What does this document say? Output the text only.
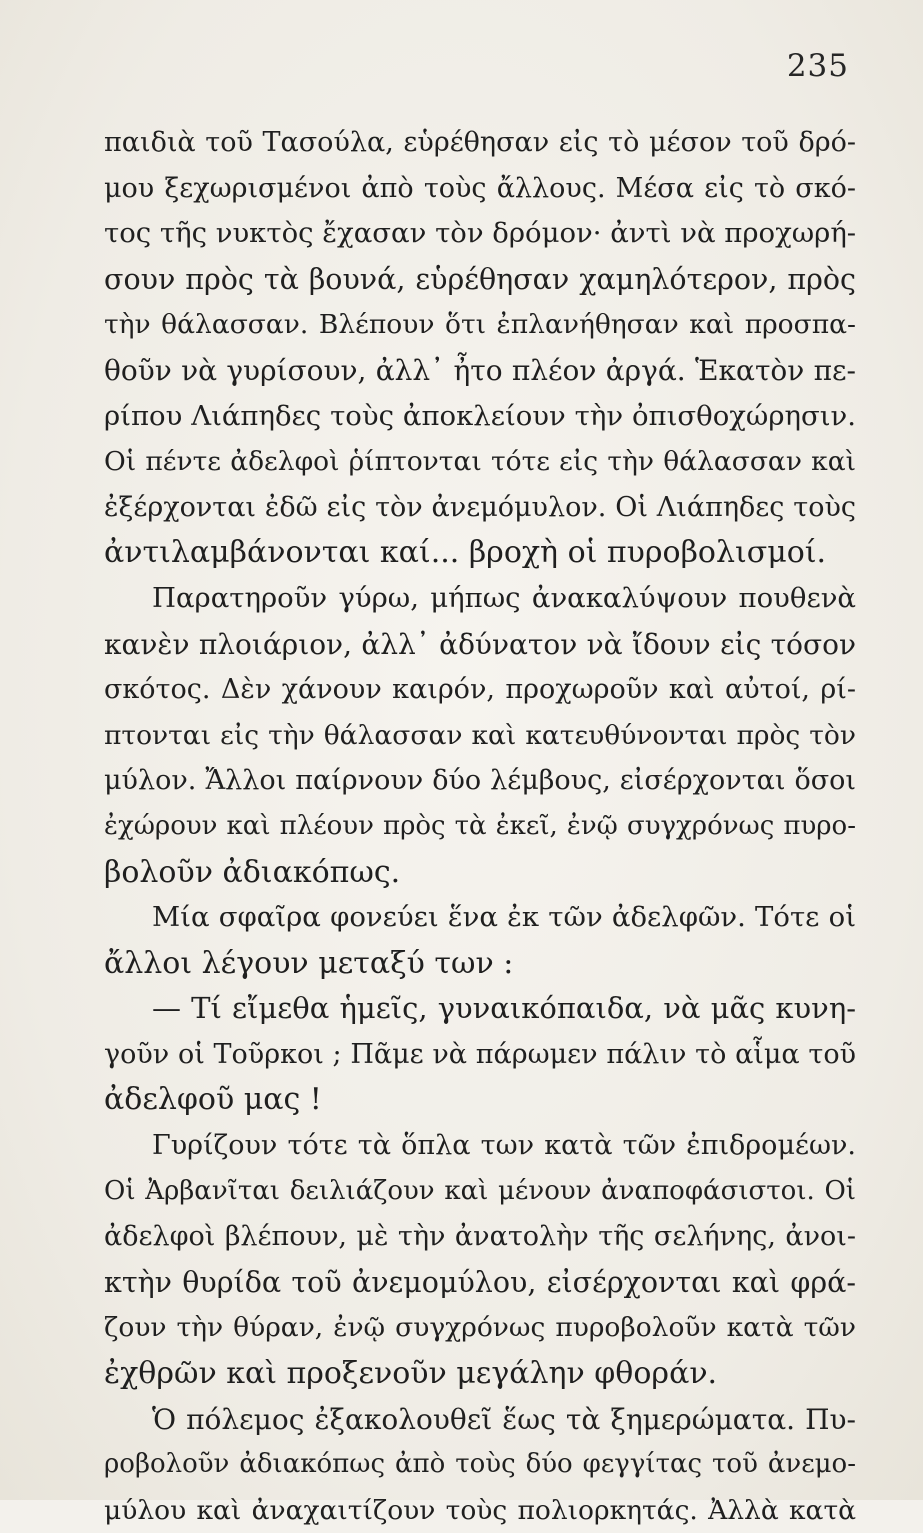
235
παιδιὰ τοῦ Τασούλα, εὑρέθησαν εἰς τὸ μέσον τοῦ δρό-
μου ξεχωρισμένοι ἀπὸ τοὺς ἄλλους. Μέσα εἰς τὸ σκό-
τος τῆς νυκτὸς ἔχασαν τὸν δρόμον· ἀντὶ νὰ προχωρή-
σουν πρὸς τὰ βουνά, εὑρέθησαν χαμηλότερον, πρὸς
τὴν θάλασσαν. Βλέπουν ὅτι ἐπλανήθησαν καὶ προσπα-
θοῦν νὰ γυρίσουν, ἀλλ᾽ ἦτο πλέον ἀργά. Ἑκατὸν πε-
ρίπου Λιάπηδες τοὺς ἀποκλείουν τὴν ὀπισθοχώρησιν.
Οἱ πέντε ἀδελφοὶ ῥίπτονται τότε εἰς τὴν θάλασσαν καὶ
ἐξέρχονται ἐδῶ εἰς τὸν ἀνεμόμυλον. Οἱ Λιάπηδες τοὺς
ἀντιλαμβάνονται καί... βροχὴ οἱ πυροβολισμοί.
Παρατηροῦν γύρω, μήπως ἀνακαλύψουν πουθενὰ
κανὲν πλοιάριον, ἀλλ᾽ ἀδύνατον νὰ ἴδουν εἰς τόσον
σκότος. Δὲν χάνουν καιρόν, προχωροῦν καὶ αὐτοί, ρί-
πτονται εἰς τὴν θάλασσαν καὶ κατευθύνονται πρὸς τὸν
μύλον. Ἄλλοι παίρνουν δύο λέμβους, εἰσέρχονται ὅσοι
ἐχώρουν καὶ πλέουν πρὸς τὰ ἐκεῖ, ἐνῷ συγχρόνως πυρο-
βολοῦν ἀδιακόπως.
Μία σφαῖρα φονεύει ἕνα ἐκ τῶν ἀδελφῶν. Τότε οἱ
ἄλλοι λέγουν μεταξύ των :
— Τί εἴμεθα ἡμεῖς, γυναικόπαιδα, νὰ μᾶς κυνη-
γοῦν οἱ Τοῦρκοι ; Πᾶμε νὰ πάρωμεν πάλιν τὸ αἷμα τοῦ
ἀδελφοῦ μας !
Γυρίζουν τότε τὰ ὅπλα των κατὰ τῶν ἐπιδρομέων.
Οἱ Ἀρβανῖται δειλιάζουν καὶ μένουν ἀναποφάσιστοι. Οἱ
ἀδελφοὶ βλέπουν, μὲ τὴν ἀνατολὴν τῆς σελήνης, ἀνοι-
κτὴν θυρίδα τοῦ ἀνεμομύλου, εἰσέρχονται καὶ φρά-
ζουν τὴν θύραν, ἐνῷ συγχρόνως πυροβολοῦν κατὰ τῶν
ἐχθρῶν καὶ προξενοῦν μεγάλην φθοράν.
Ὁ πόλεμος ἐξακολουθεῖ ἕως τὰ ξημερώματα. Πυ-
ροβολοῦν ἀδιακόπως ἀπὸ τοὺς δύο φεγγίτας τοῦ ἀνεμο-
μύλου καὶ ἀναχαιτίζουν τοὺς πολιορκητάς. Ἀλλὰ κατὰ
